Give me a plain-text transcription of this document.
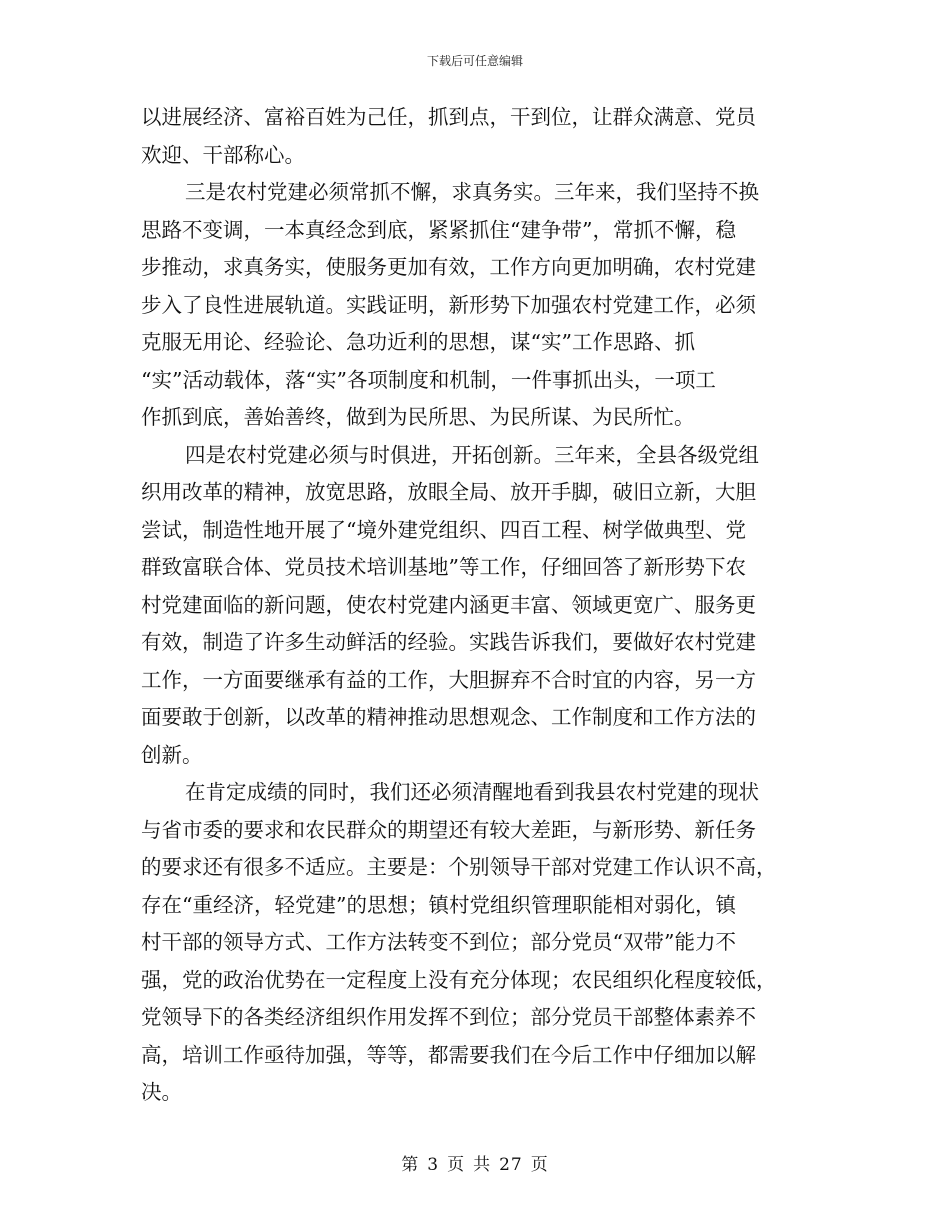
下载后可任意编辑
以进展经济、富裕百姓为己任，抓到点，干到位，让群众满意、党员
欢迎、干部称心。
三是农村党建必须常抓不懈，求真务实。三年来，我们坚持不换
思路不变调，一本真经念到底，紧紧抓住“建争带”，常抓不懈，稳
步推动，求真务实，使服务更加有效，工作方向更加明确，农村党建
步入了良性进展轨道。实践证明，新形势下加强农村党建工作，必须
克服无用论、经验论、急功近利的思想，谋“实”工作思路、抓
“实”活动载体，落“实”各项制度和机制，一件事抓出头，一项工
作抓到底，善始善终，做到为民所思、为民所谋、为民所忙。
四是农村党建必须与时俱进，开拓创新。三年来，全县各级党组
织用改革的精神，放宽思路，放眼全局、放开手脚，破旧立新，大胆
尝试，制造性地开展了“境外建党组织、四百工程、树学做典型、党
群致富联合体、党员技术培训基地”等工作，仔细回答了新形势下农
村党建面临的新问题，使农村党建内涵更丰富、领域更宽广、服务更
有效，制造了许多生动鲜活的经验。实践告诉我们，要做好农村党建
工作，一方面要继承有益的工作，大胆摒弃不合时宜的内容，另一方
面要敢于创新，以改革的精神推动思想观念、工作制度和工作方法的
创新。
在肯定成绩的同时，我们还必须清醒地看到我县农村党建的现状
与省市委的要求和农民群众的期望还有较大差距，与新形势、新任务
的要求还有很多不适应。主要是：个别领导干部对党建工作认识不高，
存在“重经济，轻党建”的思想；镇村党组织管理职能相对弱化，镇
村干部的领导方式、工作方法转变不到位；部分党员“双带”能力不
强，党的政治优势在一定程度上没有充分体现；农民组织化程度较低，
党领导下的各类经济组织作用发挥不到位；部分党员干部整体素养不
高，培训工作亟待加强，等等，都需要我们在今后工作中仔细加以解
决。
第 3 页 共 27 页
